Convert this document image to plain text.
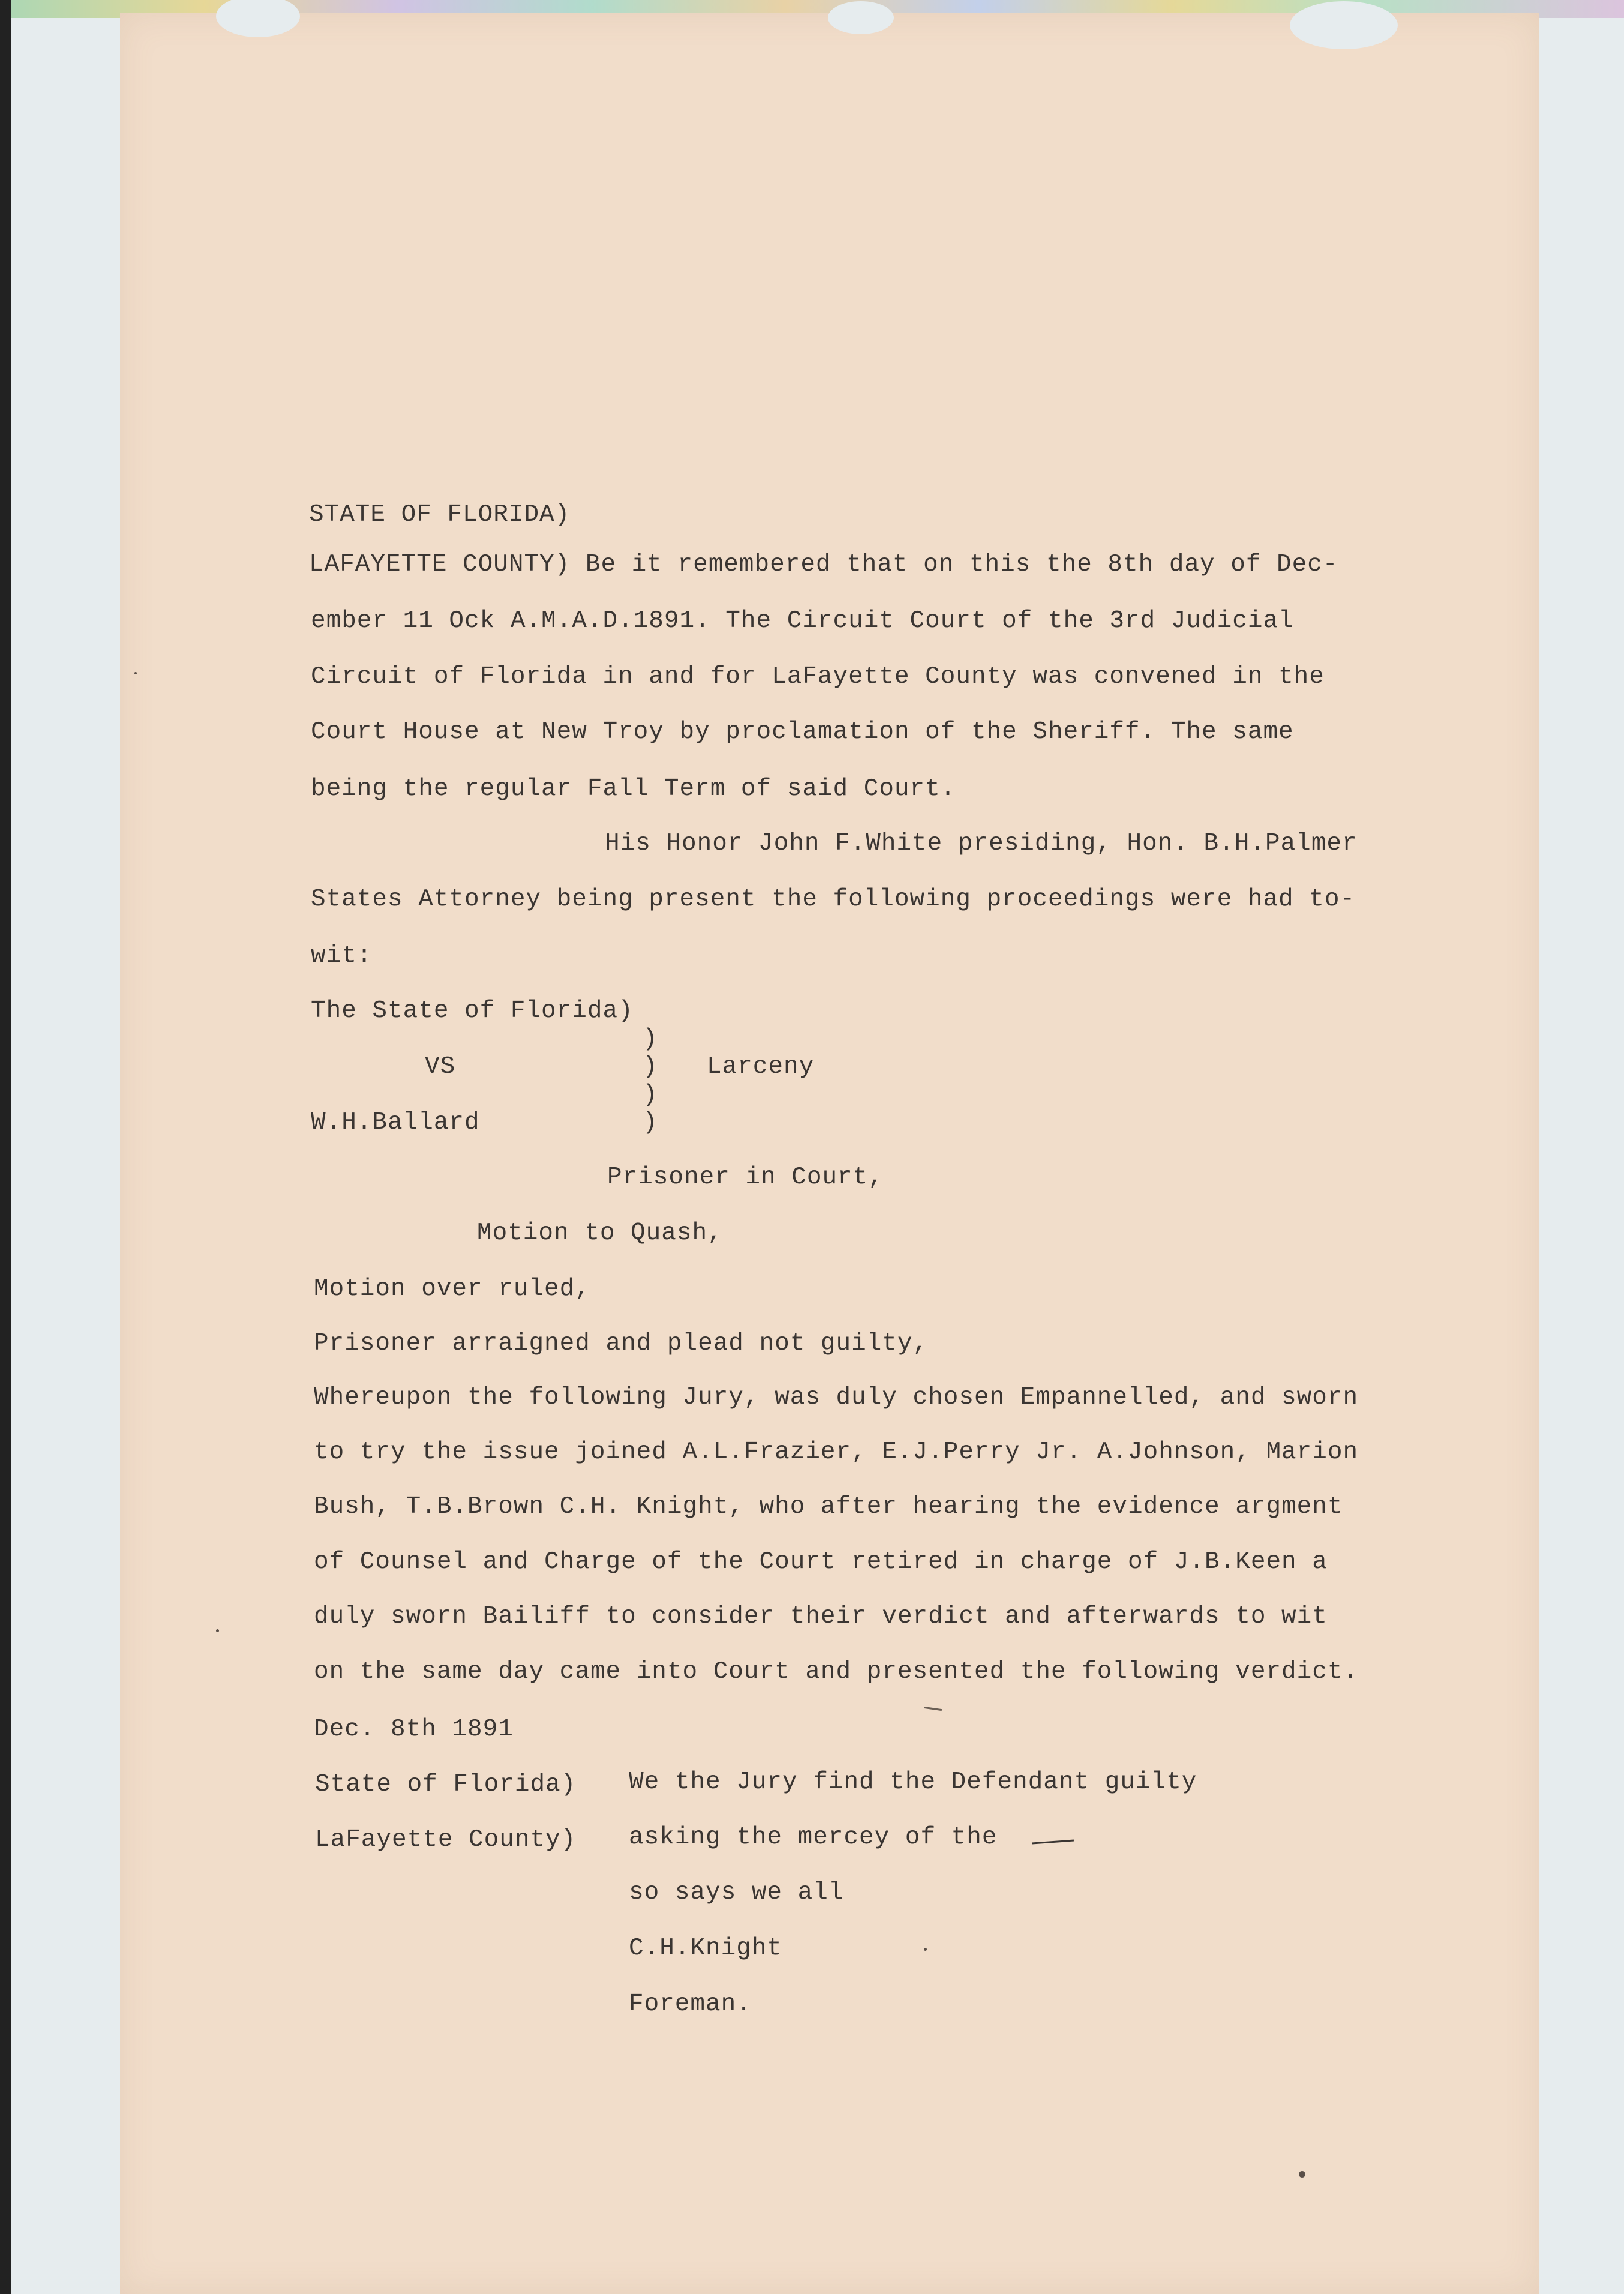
STATE OF FLORIDA)
LAFAYETTE COUNTY) Be it remembered that on this the 8th day of Dec-
ember 11 Ock A.M.A.D.1891. The Circuit Court of the 3rd Judicial
Circuit of Florida in and for LaFayette County was convened in the
Court House at New Troy by proclamation of the Sheriff. The same
being the regular Fall Term of said Court.
His Honor John F.White presiding, Hon. B.H.Palmer
States Attorney being present the following proceedings were had to-
wit:
The State of Florida)
)
VS	) Larceny
)
W.H.Ballard	)
Prisoner in Court,
Motion to Quash,
Motion over ruled,
Prisoner arraigned and plead not guilty,
Whereupon the following Jury, was duly chosen Empannelled, and sworn
to try the issue joined A.L.Frazier, E.J.Perry Jr. A.Johnson, Marion
Bush, T.B.Brown C.H. Knight, who after hearing the evidence argment
of Counsel and Charge of the Court retired in charge of J.B.Keen a
duly sworn Bailiff to consider their verdict and afterwards to wit
on the same day came into Court and presented the following verdict.
Dec. 8th 1891
State of Florida) We the Jury find the Defendant guilty
LaFayette County) asking the mercey of the
so says we all
C.H.Knight
Foreman.
